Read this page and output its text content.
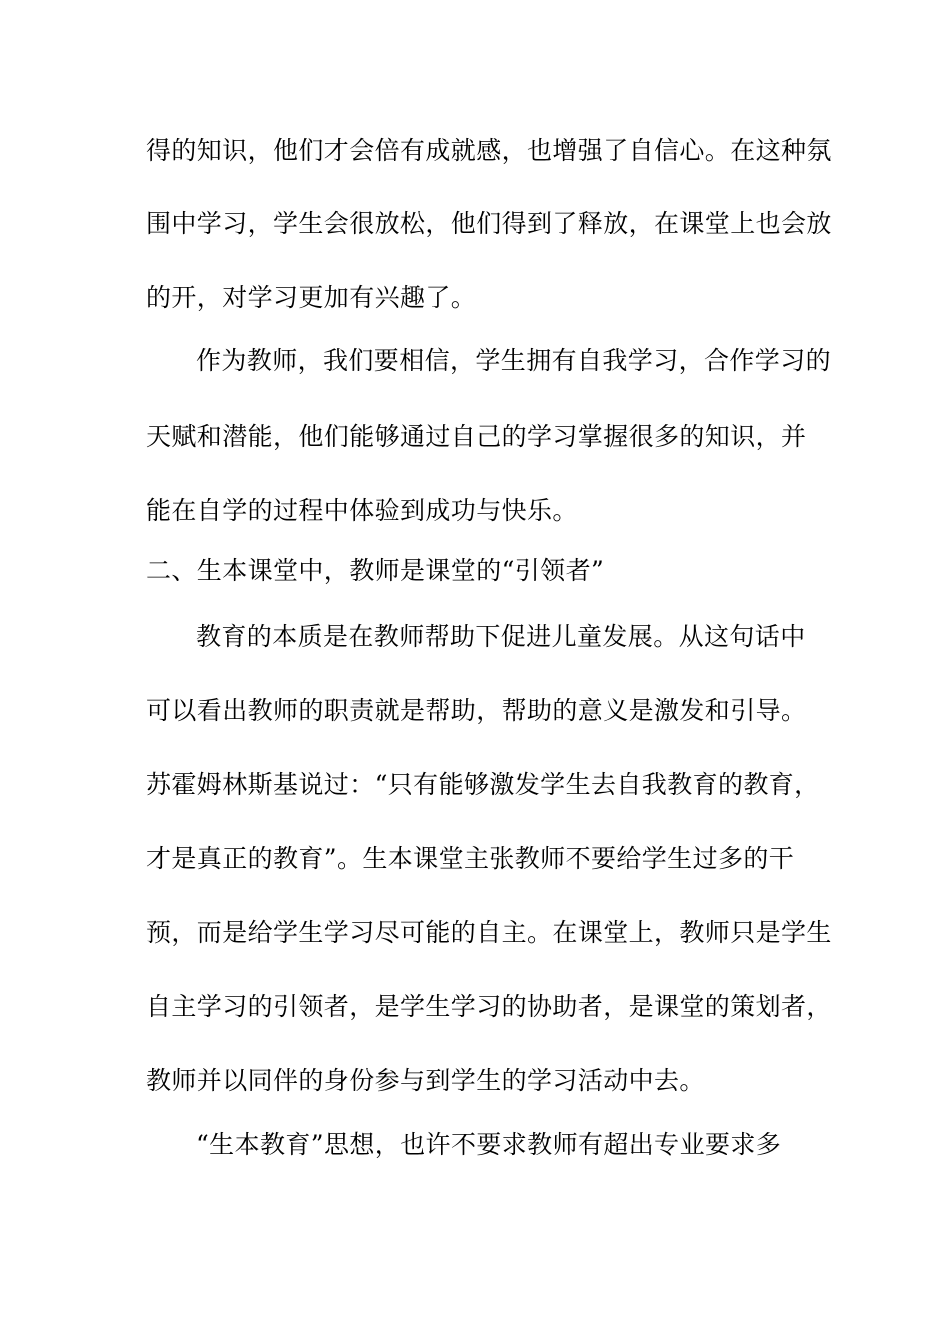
得的知识，他们才会倍有成就感，也增强了自信心。在这种氛
围中学习，学生会很放松，他们得到了释放，在课堂上也会放
的开，对学习更加有兴趣了。
作为教师，我们要相信，学生拥有自我学习，合作学习的
天赋和潜能，他们能够通过自己的学习掌握很多的知识，并
能在自学的过程中体验到成功与快乐。
二、生本课堂中，教师是课堂的“引领者”
教育的本质是在教师帮助下促进儿童发展。从这句话中
可以看出教师的职责就是帮助，帮助的意义是激发和引导。
苏霍姆林斯基说过：“只有能够激发学生去自我教育的教育，
才是真正的教育”。生本课堂主张教师不要给学生过多的干
预，而是给学生学习尽可能的自主。在课堂上，教师只是学生
自主学习的引领者，是学生学习的协助者，是课堂的策划者，
教师并以同伴的身份参与到学生的学习活动中去。
“生本教育”思想，也许不要求教师有超出专业要求多
